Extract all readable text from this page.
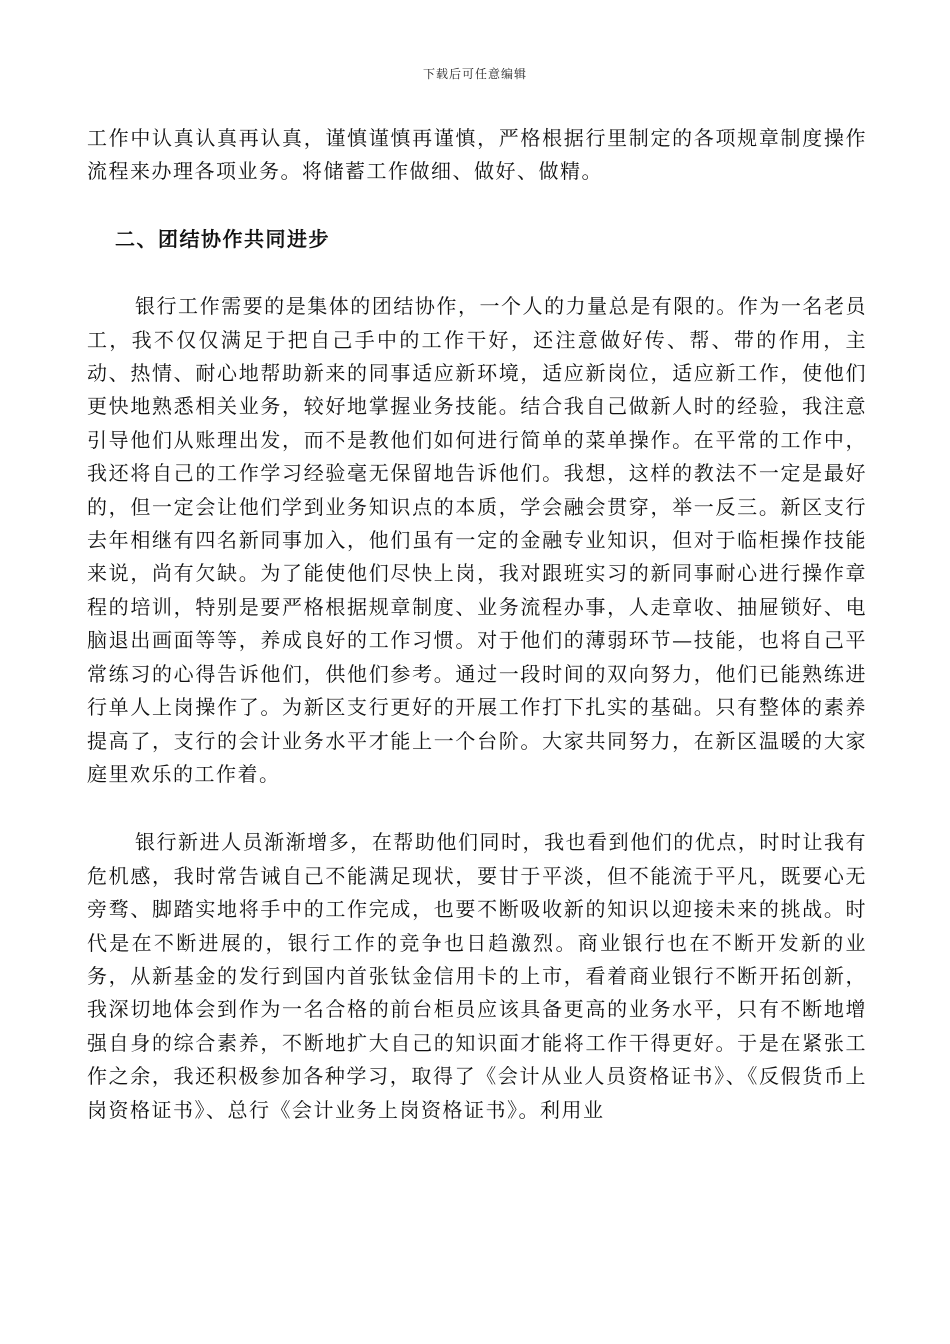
下载后可任意编辑

工作中认真认真再认真，谨慎谨慎再谨慎，严格根据行里制定的各项规章制度操作流程来办理各项业务。将储蓄工作做细、做好、做精。

二、团结协作共同进步

银行工作需要的是集体的团结协作，一个人的力量总是有限的。作为一名老员工，我不仅仅满足于把自己手中的工作干好，还注意做好传、帮、带的作用，主动、热情、耐心地帮助新来的同事适应新环境，适应新岗位，适应新工作，使他们更快地熟悉相关业务，较好地掌握业务技能。结合我自己做新人时的经验，我注意引导他们从账理出发，而不是教他们如何进行简单的菜单操作。在平常的工作中，我还将自己的工作学习经验毫无保留地告诉他们。我想，这样的教法不一定是最好的，但一定会让他们学到业务知识点的本质，学会融会贯穿，举一反三。新区支行去年相继有四名新同事加入，他们虽有一定的金融专业知识，但对于临柜操作技能来说，尚有欠缺。为了能使他们尽快上岗，我对跟班实习的新同事耐心进行操作章程的培训，特别是要严格根据规章制度、业务流程办事，人走章收、抽屉锁好、电脑退出画面等等，养成良好的工作习惯。对于他们的薄弱环节—技能，也将自己平常练习的心得告诉他们，供他们参考。通过一段时间的双向努力，他们已能熟练进行单人上岗操作了。为新区支行更好的开展工作打下扎实的基础。只有整体的素养提高了，支行的会计业务水平才能上一个台阶。大家共同努力，在新区温暖的大家庭里欢乐的工作着。

银行新进人员渐渐增多，在帮助他们同时，我也看到他们的优点，时时让我有危机感，我时常告诫自己不能满足现状，要甘于平淡，但不能流于平凡，既要心无旁骛、脚踏实地将手中的工作完成，也要不断吸收新的知识以迎接未来的挑战。时代是在不断进展的，银行工作的竞争也日趋激烈。商业银行也在不断开发新的业务，从新基金的发行到国内首张钛金信用卡的上市，看着商业银行不断开拓创新，我深切地体会到作为一名合格的前台柜员应该具备更高的业务水平，只有不断地增强自身的综合素养，不断地扩大自己的知识面才能将工作干得更好。于是在紧张工作之余，我还积极参加各种学习，取得了《会计从业人员资格证书》、《反假货币上岗资格证书》、总行《会计业务上岗资格证书》。利用业
